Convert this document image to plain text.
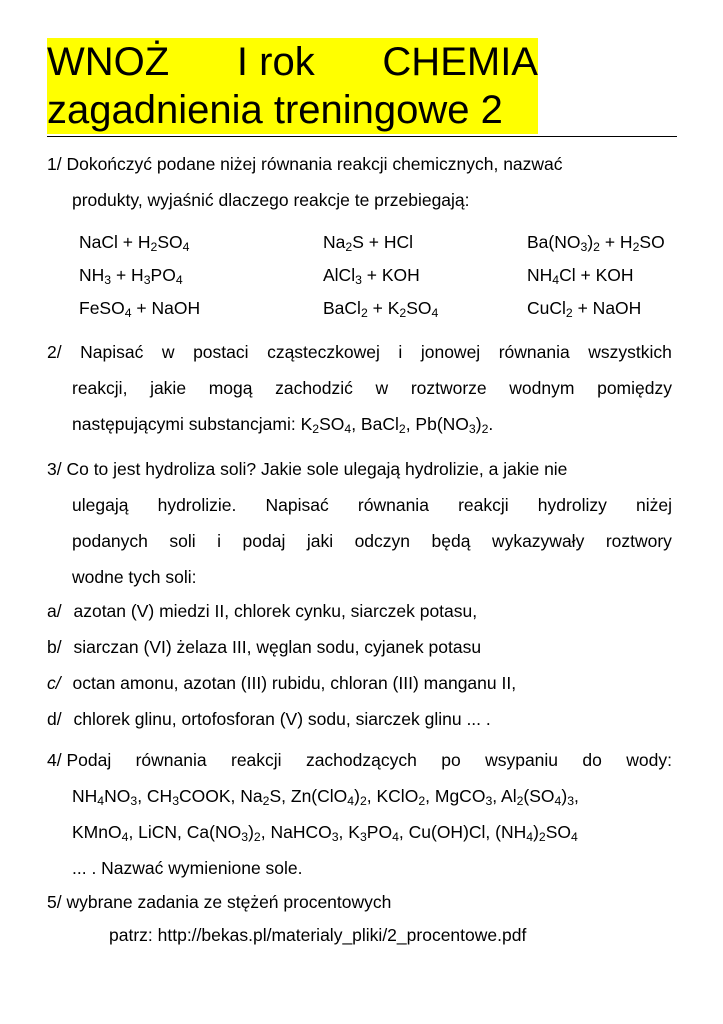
WNOŻ I rok CHEMIA
zagadnienia treningowe 2
1/ Dokończyć podane niżej równania reakcji chemicznych, nazwać
produkty, wyjaśnić dlaczego reakcje te przebiegają:
NaCl + $H_2SO_4$	$Na_2S$ + HCl	$Ba(NO_3)_2 + H_2SO$
$NH_3 + H_3PO_4$	AlCl$_3$ + KOH	$NH_4Cl$ + KOH
FeSO$_4$ + NaOH	BaCl$_2$ + $K_2SO_4$	CuCl$_2$ + NaOH
2/ Napisać w postaci cząsteczkowej i jonowej równania wszystkich
reakcji, jakie mogą zachodzić w roztworze wodnym pomiędzy
następującymi substancjami: $K_2SO_4$, BaCl$_2$, $Pb(NO_3)_2$.
3/ Co to jest hydroliza soli? Jakie sole ulegają hydrolizie, a jakie nie
ulegają hydrolizie. Napisać równania reakcji hydrolizy niżej
podanych soli i podaj jaki odczyn będą wykazywały roztwory
wodne tych soli:
a/ azotan (V) miedzi II, chlorek cynku, siarczek potasu,
b/ siarczan (VI) żelaza III, węglan sodu, cyjanek potasu
c/ octan amonu, azotan (III) rubidu, chloran (III) manganu II,
d/ chlorek glinu, ortofosforan (V) sodu, siarczek glinu ... .
4/ Podaj równania reakcji zachodzących po wsypaniu do wody:
$NH_4NO_3$, $CH_3COOK$, $Na_2S$, $Zn(ClO_4)_2$, KClO$_2$, MgCO$_3$, $Al_2(SO_4)_3$,
KMnO$_4$, LiCN, $Ca(NO_3)_2$, NaHCO$_3$, $K_3PO_4$, Cu(OH)Cl, $(NH_4)_2SO_4$
... . Nazwać wymienione sole.
5/ wybrane zadania ze stężeń procentowych
patrz: http://bekas.pl/materialy_pliki/2_procentowe.pdf
